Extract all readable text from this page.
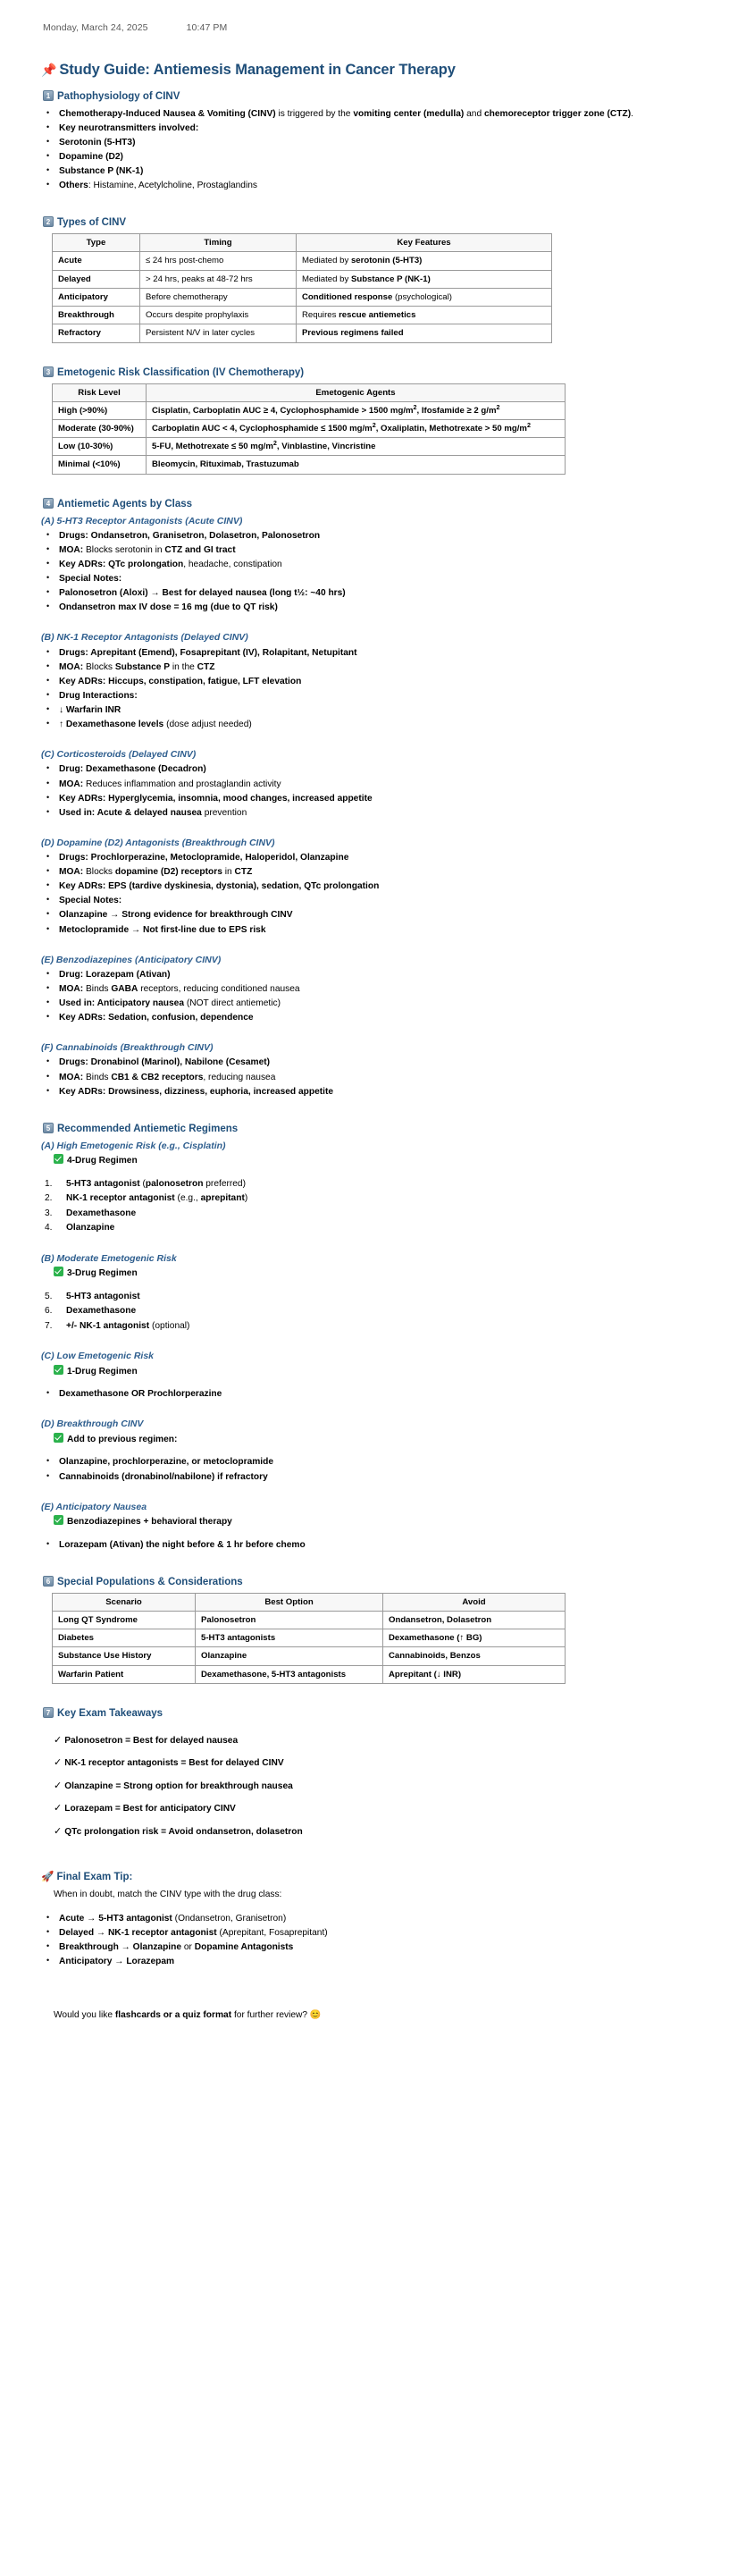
Monday, March 24, 2025	10:47 PM
📌 Study Guide: Antiemesis Management in Cancer Therapy
1 Pathophysiology of CINV
• Chemotherapy-Induced Nausea & Vomiting (CINV) is triggered by the vomiting center (medulla) and chemoreceptor trigger zone (CTZ).
• Key neurotransmitters involved:
• Serotonin (5-HT3)
• Dopamine (D2)
• Substance P (NK-1)
• Others: Histamine, Acetylcholine, Prostaglandins
2 Types of CINV
Type	Timing	Key Features
Acute	≤ 24 hrs post-chemo	Mediated by serotonin (5-HT3)
Delayed	> 24 hrs, peaks at 48-72 hrs	Mediated by Substance P (NK-1)
Anticipatory	Before chemotherapy	Conditioned response (psychological)
Breakthrough	Occurs despite prophylaxis	Requires rescue antiemetics
Refractory	Persistent N/V in later cycles	Previous regimens failed
3 Emetogenic Risk Classification (IV Chemotherapy)
Risk Level	Emetogenic Agents
High (>90%)	Cisplatin, Carboplatin AUC ≥ 4, Cyclophosphamide > 1500 $mg/m^2$, Ifosfamide ≥ 2 $g/m^2$
Moderate (30-90%)	Carboplatin AUC < 4, Cyclophosphamide ≤ 1500 $mg/m^2$, Oxaliplatin, Methotrexate > 50 $mg/m^2$
Low (10-30%)	5-FU, Methotrexate ≤ 50 $mg/m^2$, Vinblastine, Vincristine
Minimal (<10%)	Bleomycin, Rituximab, Trastuzumab
4 Antiemetic Agents by Class
(A) 5-HT3 Receptor Antagonists (Acute CINV)
• Drugs: Ondansetron, Granisetron, Dolasetron, Palonosetron
• MOA: Blocks serotonin in CTZ and GI tract
• Key ADRs: QTc prolongation, headache, constipation
• Special Notes:
• Palonosetron (Aloxi) → Best for delayed nausea (long t½: ~40 hrs)
• Ondansetron max IV dose = 16 mg (due to QT risk)
(B) NK-1 Receptor Antagonists (Delayed CINV)
• Drugs: Aprepitant (Emend), Fosaprepitant (IV), Rolapitant, Netupitant
• MOA: Blocks Substance P in the CTZ
• Key ADRs: Hiccups, constipation, fatigue, LFT elevation
• Drug Interactions:
• ↓ Warfarin INR
• ↑ Dexamethasone levels (dose adjust needed)
(C) Corticosteroids (Delayed CINV)
• Drug: Dexamethasone (Decadron)
• MOA: Reduces inflammation and prostaglandin activity
• Key ADRs: Hyperglycemia, insomnia, mood changes, increased appetite
• Used in: Acute & delayed nausea prevention
(D) Dopamine (D2) Antagonists (Breakthrough CINV)
• Drugs: Prochlorperazine, Metoclopramide, Haloperidol, Olanzapine
• MOA: Blocks dopamine (D2) receptors in CTZ
• Key ADRs: EPS (tardive dyskinesia, dystonia), sedation, QTc prolongation
• Special Notes:
• Olanzapine → Strong evidence for breakthrough CINV
• Metoclopramide → Not first-line due to EPS risk
(E) Benzodiazepines (Anticipatory CINV)
• Drug: Lorazepam (Ativan)
• MOA: Binds GABA receptors, reducing conditioned nausea
• Used in: Anticipatory nausea (NOT direct antiemetic)
• Key ADRs: Sedation, confusion, dependence
(F) Cannabinoids (Breakthrough CINV)
• Drugs: Dronabinol (Marinol), Nabilone (Cesamet)
• MOA: Binds CB1 & CB2 receptors, reducing nausea
• Key ADRs: Drowsiness, dizziness, euphoria, increased appetite
5 Recommended Antiemetic Regimens
(A) High Emetogenic Risk (e.g., Cisplatin)
4-Drug Regimen
1. 5-HT3 antagonist (palonosetron preferred)
2. NK-1 receptor antagonist (e.g., aprepitant)
3. Dexamethasone
4. Olanzapine
(B) Moderate Emetogenic Risk
3-Drug Regimen
5. 5-HT3 antagonist
6. Dexamethasone
7. +/- NK-1 antagonist (optional)
(C) Low Emetogenic Risk
1-Drug Regimen
• Dexamethasone OR Prochlorperazine
(D) Breakthrough CINV
Add to previous regimen:
• Olanzapine, prochlorperazine, or metoclopramide
• Cannabinoids (dronabinol/nabilone) if refractory
(E) Anticipatory Nausea
Benzodiazepines + behavioral therapy
• Lorazepam (Ativan) the night before & 1 hr before chemo
6 Special Populations & Considerations
Scenario	Best Option	Avoid
Long QT Syndrome	Palonosetron	Ondansetron, Dolasetron
Diabetes	5-HT3 antagonists	Dexamethasone (↑ BG)
Substance Use History	Olanzapine	Cannabinoids, Benzos
Warfarin Patient	Dexamethasone, 5-HT3 antagonists	Aprepitant (↓ INR)
7 Key Exam Takeaways
✓ Palonosetron = Best for delayed nausea
✓ NK-1 receptor antagonists = Best for delayed CINV
✓ Olanzapine = Strong option for breakthrough nausea
✓ Lorazepam = Best for anticipatory CINV
✓ QTc prolongation risk = Avoid ondansetron, dolasetron
🚀 Final Exam Tip:
When in doubt, match the CINV type with the drug class:
• Acute → 5-HT3 antagonist (Ondansetron, Granisetron)
• Delayed → NK-1 receptor antagonist (Aprepitant, Fosaprepitant)
• Breakthrough → Olanzapine or Dopamine Antagonists
• Anticipatory → Lorazepam
Would you like flashcards or a quiz format for further review? 😊
